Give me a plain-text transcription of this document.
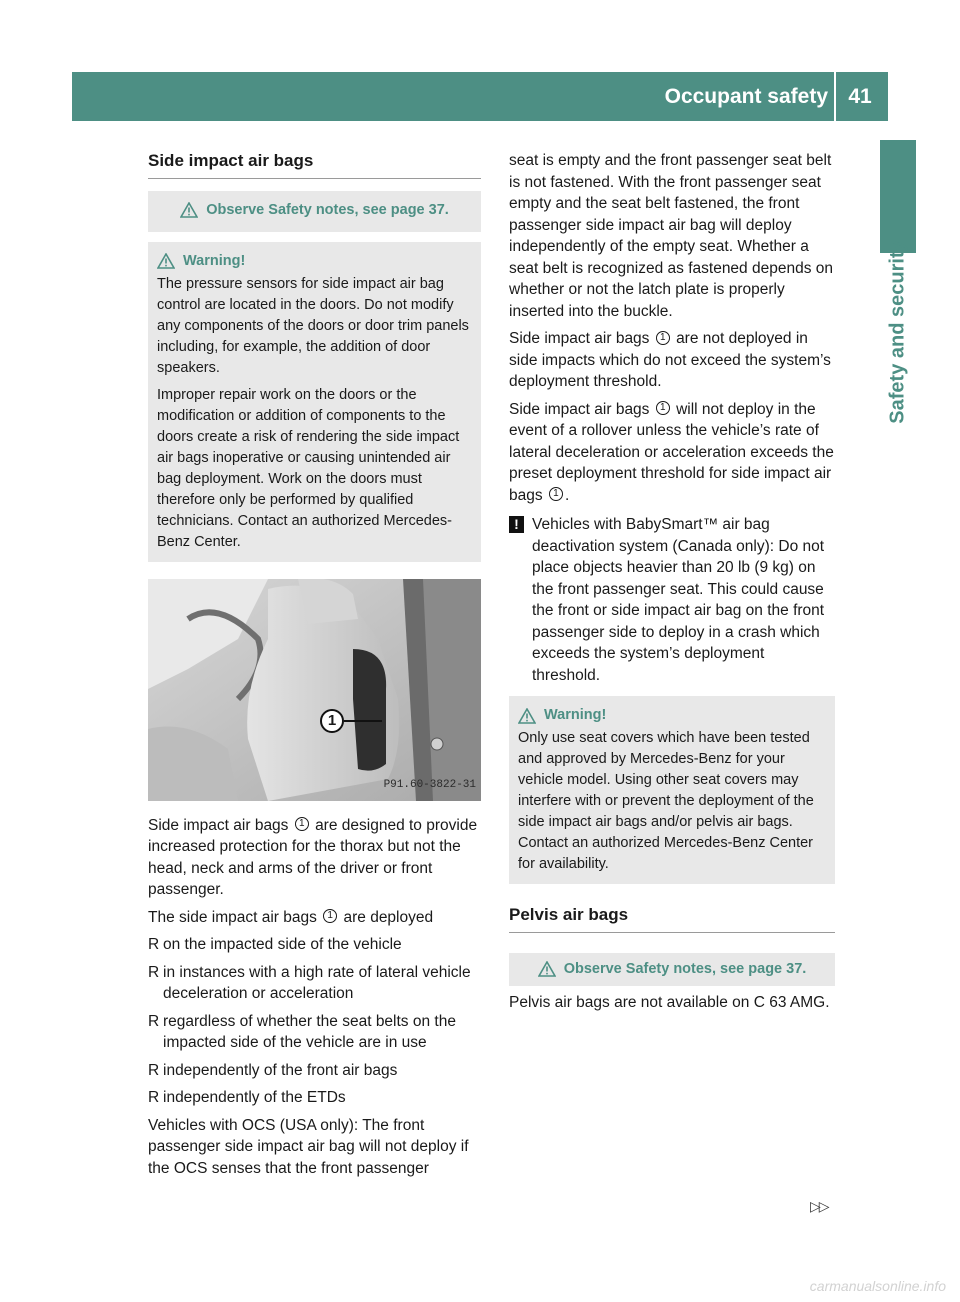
Occupant safety 41
Safety and security
Side impact air bags
Observe Safety notes, see page 37.
Warning!

The pressure sensors for side impact air bag control are located in the doors. Do not modify any components of the doors or door trim panels including, for example, the addition of door speakers.

Improper repair work on the doors or the modification or addition of components to the doors create a risk of rendering the side impact air bags inoperative or causing unintended air bag deployment. Work on the doors must therefore only be performed by qualified technicians. Contact an authorized Mercedes-Benz Center.

1
P91.60-3822-31

Side impact air bags 1 are designed to provide increased protection for the thorax but not the head, neck and arms of the driver or front passenger.

The side impact air bags 1 are deployed

R on the impacted side of the vehicle
R in instances with a high rate of lateral vehicle deceleration or acceleration
R regardless of whether the seat belts on the impacted side of the vehicle are in use
R independently of the front air bags
R independently of the ETDs

Vehicles with OCS (USA only): The front passenger side impact air bag will not deploy if the OCS senses that the front passenger

seat is empty and the front passenger seat belt is not fastened. With the front passenger seat empty and the seat belt fastened, the front passenger side impact air bag will deploy independently of the empty seat. Whether a seat belt is recognized as fastened depends on whether or not the latch plate is properly inserted into the buckle.

Side impact air bags 1 are not deployed in side impacts which do not exceed the system’s deployment threshold.

Side impact air bags 1 will not deploy in the event of a rollover unless the vehicle’s rate of lateral deceleration or acceleration exceeds the preset deployment threshold for side impact air bags 1 .

! Vehicles with BabySmart™ air bag deactivation system (Canada only): Do not place objects heavier than 20 lb (9 kg) on the front passenger seat. This could cause the front or side impact air bag on the front passenger side to deploy in a crash which exceeds the system’s deployment threshold.
Warning!

Only use seat covers which have been tested and approved by Mercedes-Benz for your vehicle model. Using other seat covers may interfere with or prevent the deployment of the side impact air bags and/or pelvis air bags. Contact an authorized Mercedes-Benz Center for availability.

Pelvis air bags
Observe Safety notes, see page 37.

Pelvis air bags are not available on C 63 AMG.

▷▷
carmanualsonline.info
